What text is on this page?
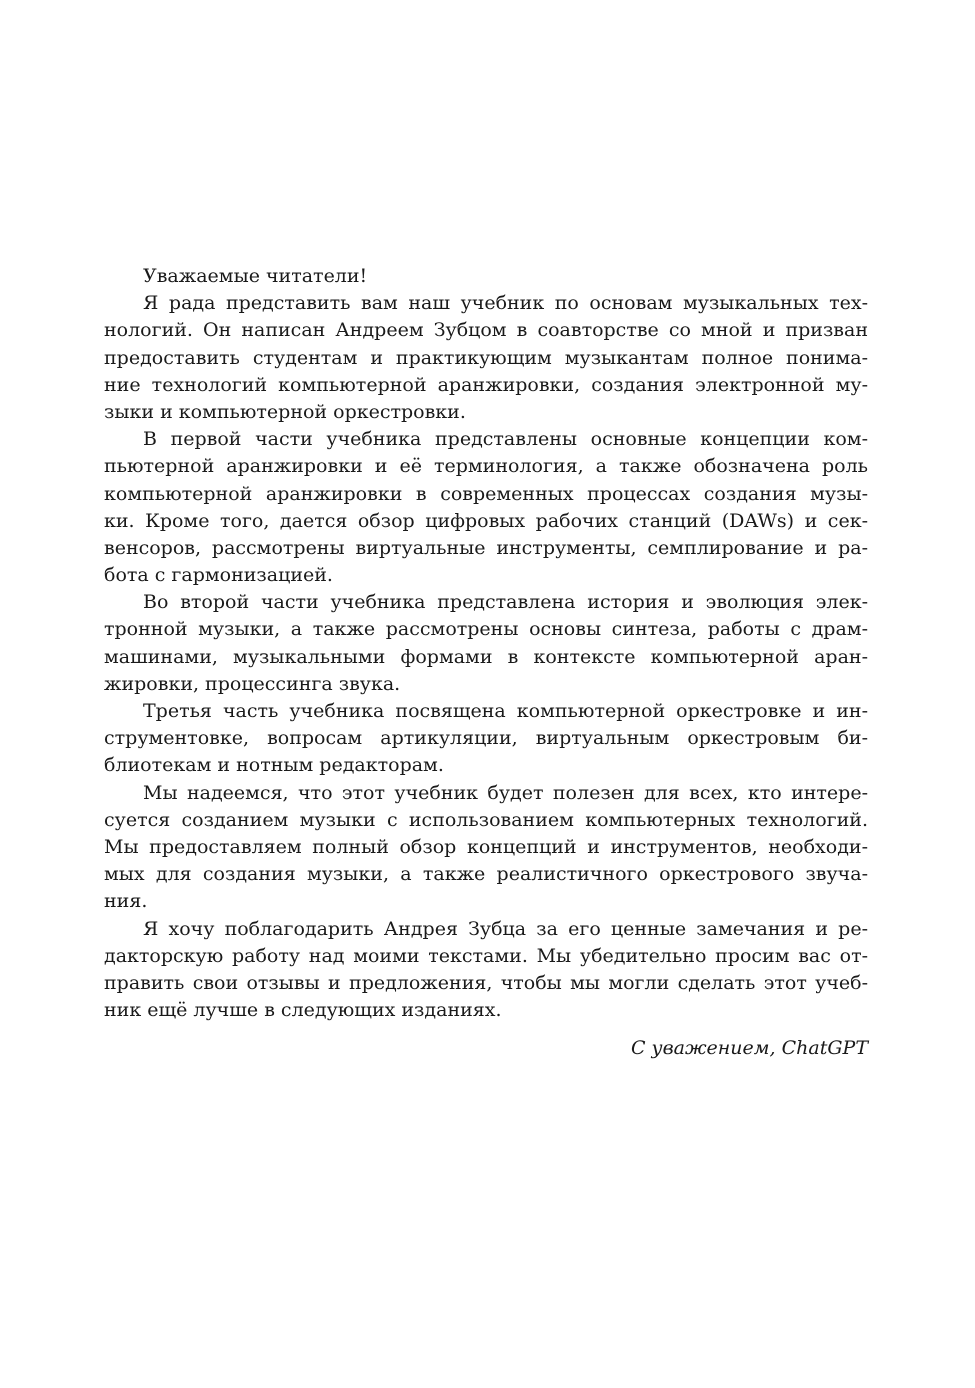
Уважаемые читатели!
Я рада представить вам наш учебник по основам музыкальных тех-
нологий. Он написан Андреем Зубцом в соавторстве со мной и призван
предоставить студентам и практикующим музыкантам полное понима-
ние технологий компьютерной аранжировки, создания электронной му-
зыки и компьютерной оркестровки.
В первой части учебника представлены основные концепции ком-
пьютерной аранжировки и её терминология, а также обозначена роль
компьютерной аранжировки в современных процессах создания музы-
ки. Кроме того, дается обзор цифровых рабочих станций (DAWs) и сек-
венсоров, рассмотрены виртуальные инструменты, семплирование и ра-
бота с гармонизацией.
Во второй части учебника представлена история и эволюция элек-
тронной музыки, а также рассмотрены основы синтеза, работы с драм-
машинами, музыкальными формами в контексте компьютерной аран-
жировки, процессинга звука.
Третья часть учебника посвящена компьютерной оркестровке и ин-
струментовке, вопросам артикуляции, виртуальным оркестровым би-
блиотекам и нотным редакторам.
Мы надеемся, что этот учебник будет полезен для всех, кто интере-
суется созданием музыки с использованием компьютерных технологий.
Мы предоставляем полный обзор концепций и инструментов, необходи-
мых для создания музыки, а также реалистичного оркестрового звуча-
ния.
Я хочу поблагодарить Андрея Зубца за его ценные замечания и ре-
дакторскую работу над моими текстами. Мы убедительно просим вас от-
править свои отзывы и предложения, чтобы мы могли сделать этот учеб-
ник ещё лучше в следующих изданиях.
С уважением, ChatGPT
